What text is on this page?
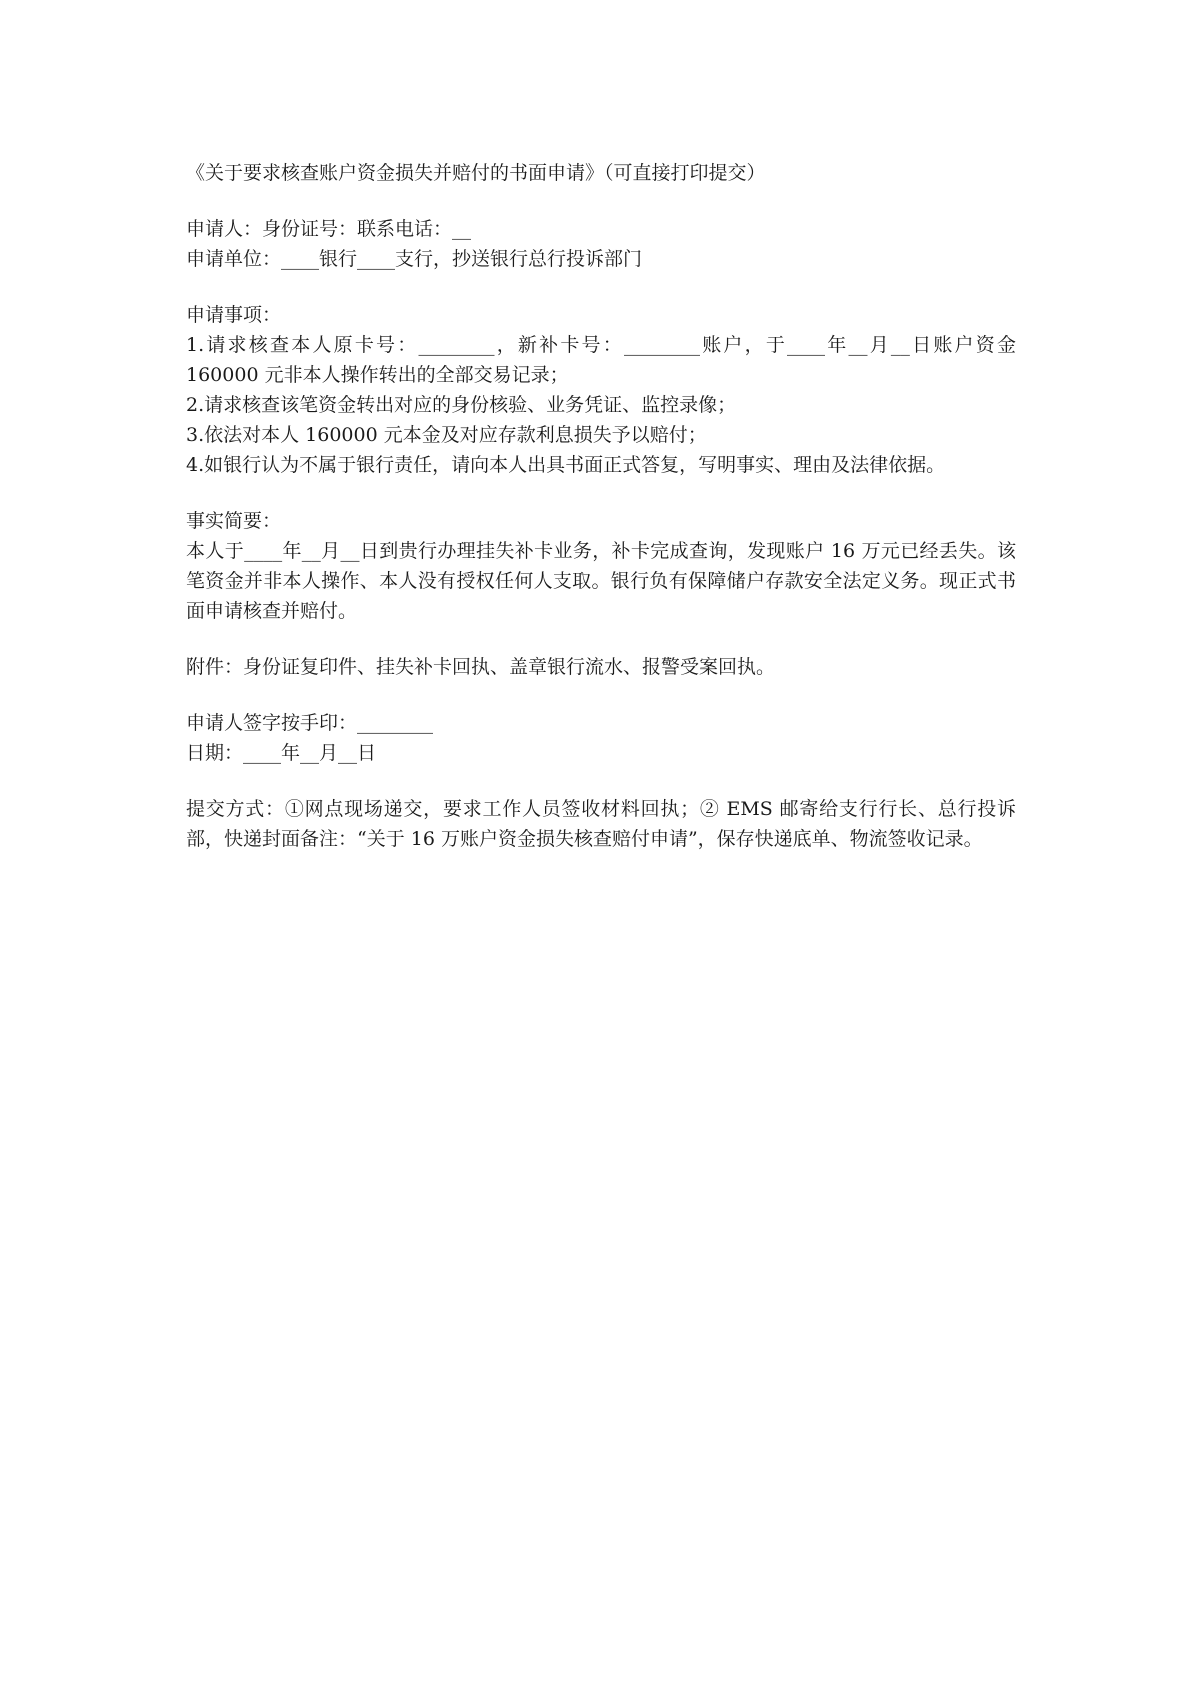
《关于要求核查账户资金损失并赔付的书面申请》（可直接打印提交）

申请人：身份证号：联系电话：__

申请单位：____银行____支行，抄送银行总行投诉部门

申请事项：

1.请求核查本人原卡号：________，新补卡号：________账户，于____年__月__日账户资金 160000 元非本人操作转出的全部交易记录；

2.请求核查该笔资金转出对应的身份核验、业务凭证、监控录像；

3.依法对本人 160000 元本金及对应存款利息损失予以赔付；

4.如银行认为不属于银行责任，请向本人出具书面正式答复，写明事实、理由及法律依据。

事实简要：

本人于____年__月__日到贵行办理挂失补卡业务，补卡完成查询，发现账户 16 万元已经丢失。该笔资金并非本人操作、本人没有授权任何人支取。银行负有保障储户存款安全法定义务。现正式书面申请核查并赔付。

附件：身份证复印件、挂失补卡回执、盖章银行流水、报警受案回执。

申请人签字按手印：________

日期：____年__月__日

提交方式：①网点现场递交，要求工作人员签收材料回执；② EMS 邮寄给支行行长、总行投诉部，快递封面备注：“关于 16 万账户资金损失核查赔付申请”，保存快递底单、物流签收记录。
